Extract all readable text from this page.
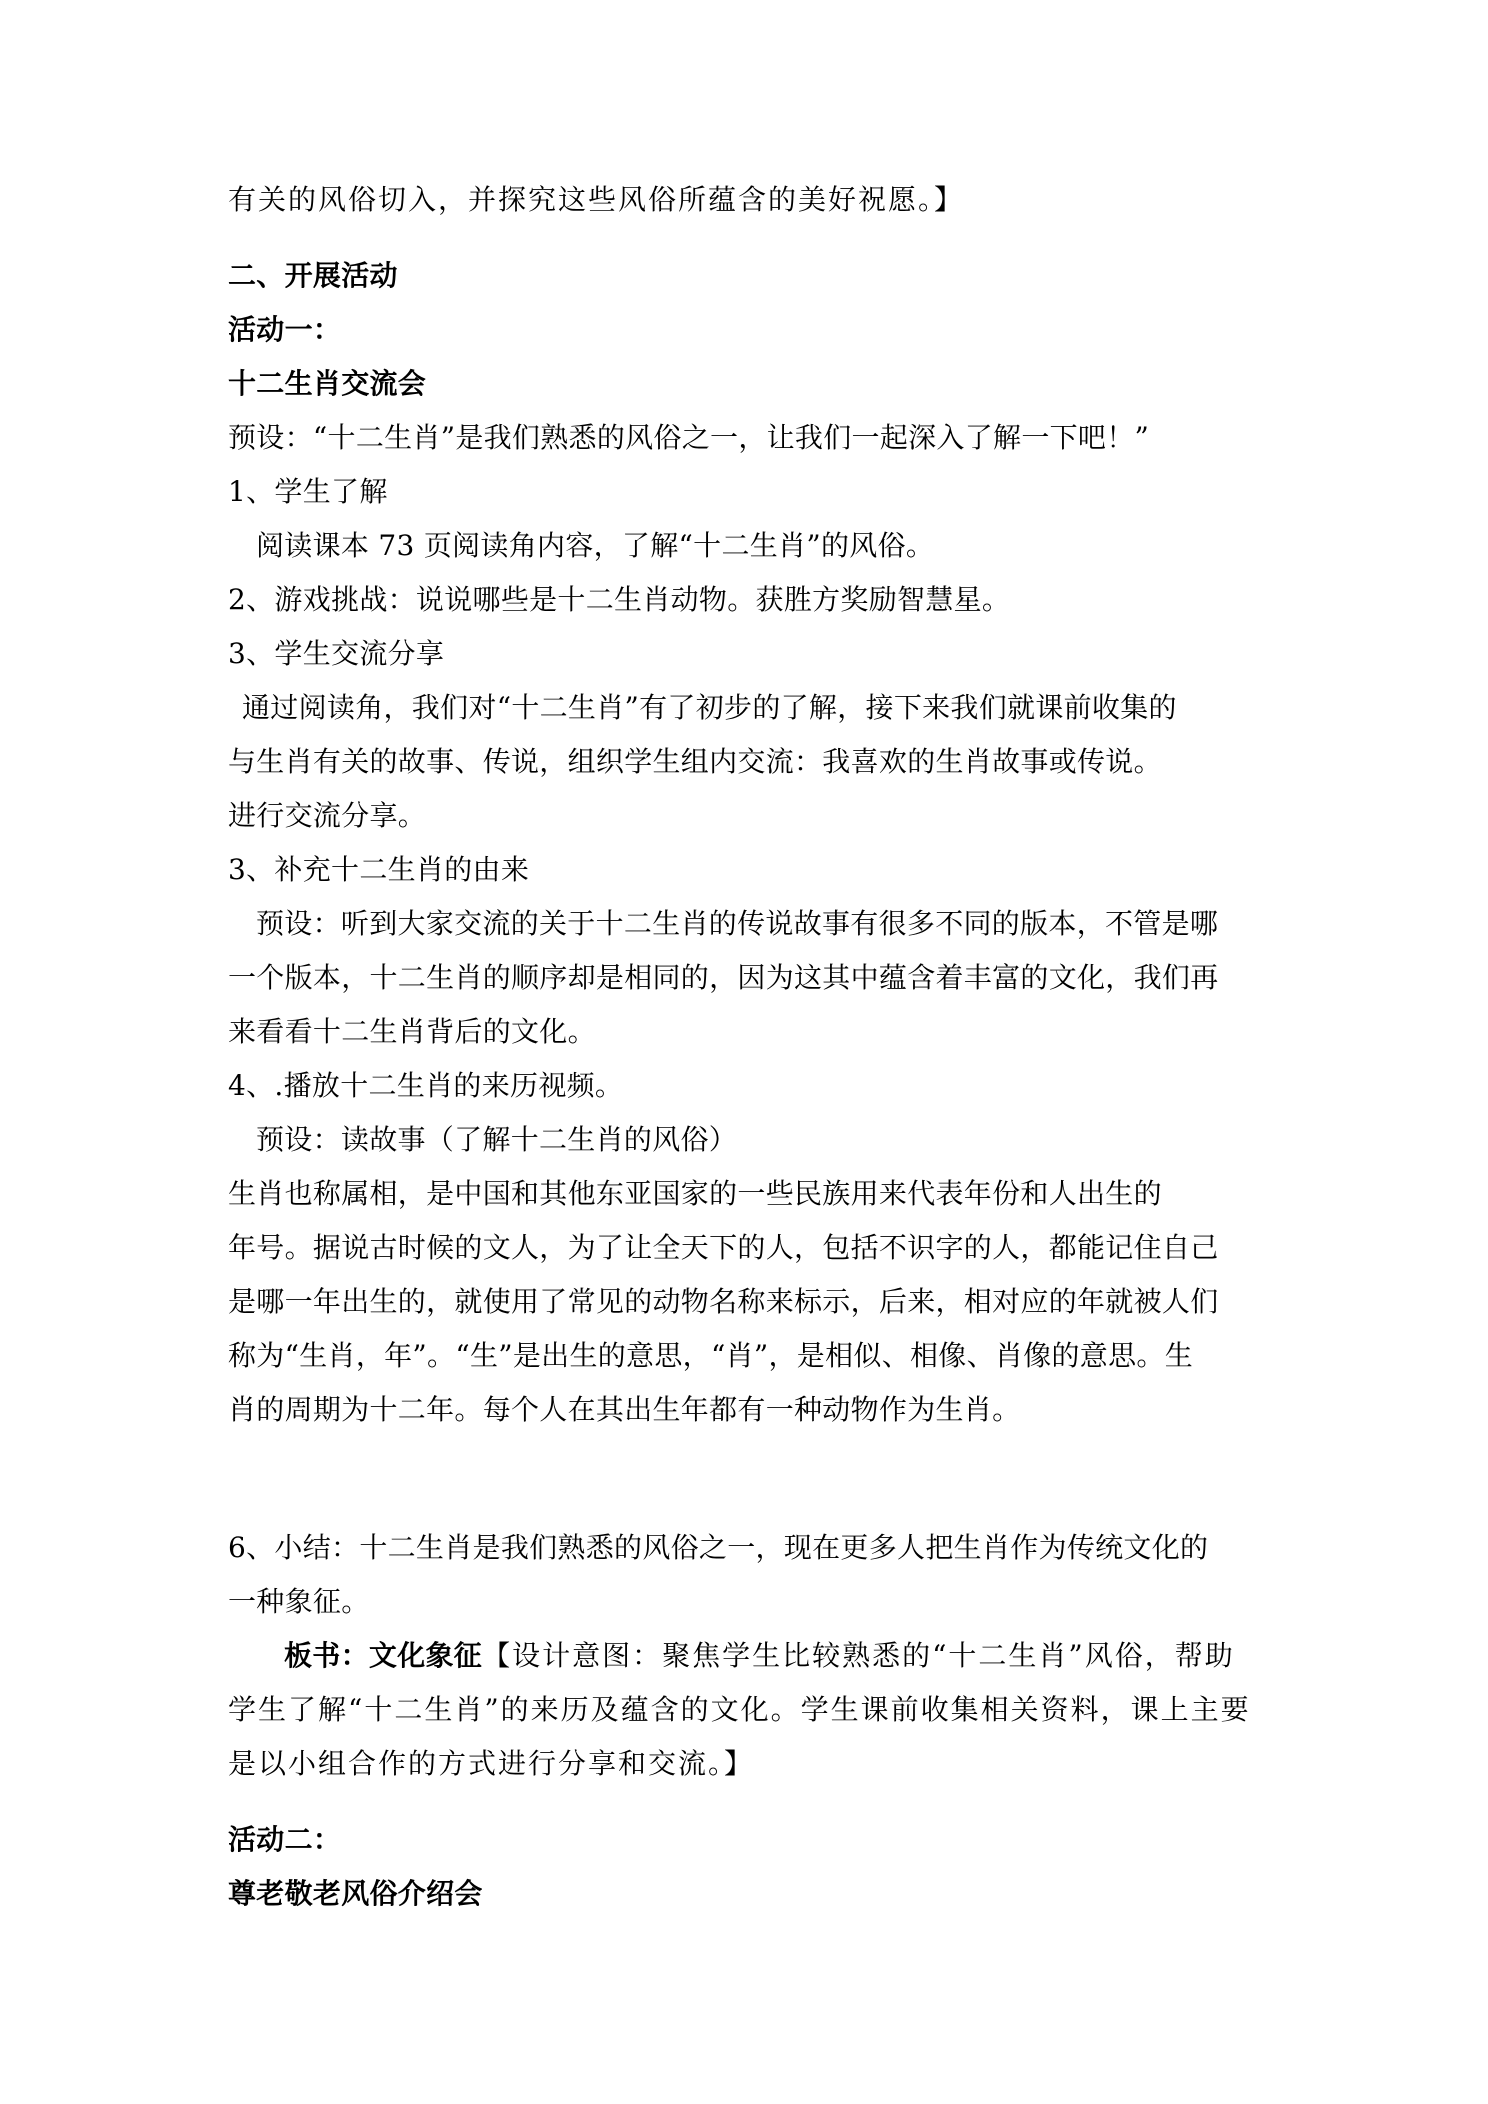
有关的风俗切入，并探究这些风俗所蕴含的美好祝愿。】
二、开展活动
活动一：
十二生肖交流会
预设：“十二生肖”是我们熟悉的风俗之一，让我们一起深入了解一下吧！”
1、学生了解
阅读课本 73 页阅读角内容，了解“十二生肖”的风俗。
2、游戏挑战：说说哪些是十二生肖动物。获胜方奖励智慧星。
3、学生交流分享
通过阅读角，我们对“十二生肖”有了初步的了解，接下来我们就课前收集的
与生肖有关的故事、传说，组织学生组内交流：我喜欢的生肖故事或传说。
进行交流分享。
3、补充十二生肖的由来
预设：听到大家交流的关于十二生肖的传说故事有很多不同的版本，不管是哪
一个版本，十二生肖的顺序却是相同的，因为这其中蕴含着丰富的文化，我们再
来看看十二生肖背后的文化。
4、.播放十二生肖的来历视频。
预设：读故事（了解十二生肖的风俗）
生肖也称属相，是中国和其他东亚国家的一些民族用来代表年份和人出生的
年号。据说古时候的文人，为了让全天下的人，包括不识字的人，都能记住自己
是哪一年出生的，就使用了常见的动物名称来标示，后来，相对应的年就被人们
称为“生肖，年”。“生”是出生的意思，“肖”，是相似、相像、肖像的意思。生
肖的周期为十二年。每个人在其出生年都有一种动物作为生肖。
6、小结：十二生肖是我们熟悉的风俗之一，现在更多人把生肖作为传统文化的
一种象征。
板书：文化象征【设计意图：聚焦学生比较熟悉的“十二生肖”风俗，帮助
学生了解“十二生肖”的来历及蕴含的文化。学生课前收集相关资料，课上主要
是以小组合作的方式进行分享和交流。】
活动二：
尊老敬老风俗介绍会
